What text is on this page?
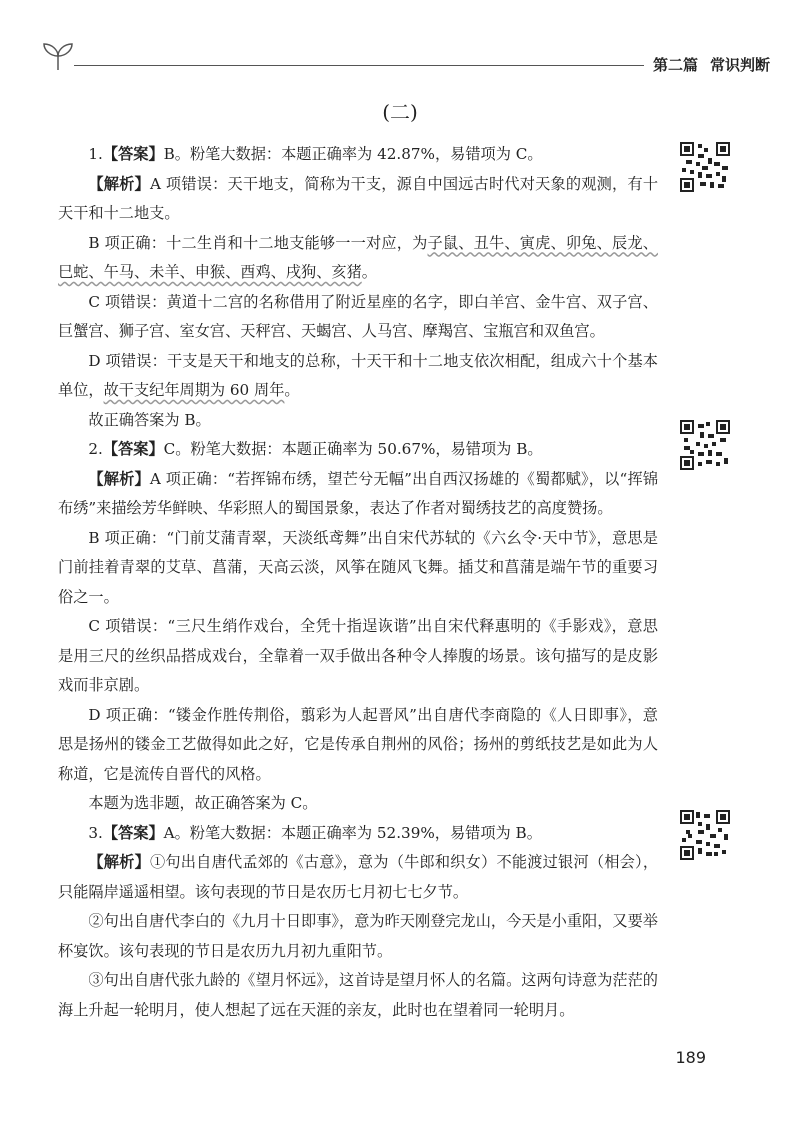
第二篇 常识判断
(二)

1.【答案】B。粉笔大数据：本题正确率为 42.87%，易错项为 C。

【解析】A 项错误：天干地支，简称为干支，源自中国远古时代对天象的观测，有十天干和十二地支。

B 项正确：十二生肖和十二地支能够一一对应，为子鼠、丑牛、寅虎、卯兔、辰龙、巳蛇、午马、未羊、申猴、酉鸡、戌狗、亥猪。

C 项错误：黄道十二宫的名称借用了附近星座的名字，即白羊宫、金牛宫、双子宫、巨蟹宫、狮子宫、室女宫、天秤宫、天蝎宫、人马宫、摩羯宫、宝瓶宫和双鱼宫。

D 项错误：干支是天干和地支的总称，十天干和十二地支依次相配，组成六十个基本单位，故干支纪年周期为 60 周年。

故正确答案为 B。

2.【答案】C。粉笔大数据：本题正确率为 50.67%，易错项为 B。

【解析】A 项正确：“若挥锦布绣，望芒兮无幅”出自西汉扬雄的《蜀都赋》，以“挥锦布绣”来描绘芳华鲜映、华彩照人的蜀国景象，表达了作者对蜀绣技艺的高度赞扬。

B 项正确：“门前艾蒲青翠，天淡纸鸢舞”出自宋代苏轼的《六幺令·天中节》，意思是门前挂着青翠的艾草、菖蒲，天高云淡，风筝在随风飞舞。插艾和菖蒲是端午节的重要习俗之一。

C 项错误：“三尺生绡作戏台，全凭十指逞诙谐”出自宋代释惠明的《手影戏》，意思是用三尺的丝织品搭成戏台，全靠着一双手做出各种令人捧腹的场景。该句描写的是皮影戏而非京剧。

D 项正确：“镂金作胜传荆俗，翦彩为人起晋风”出自唐代李商隐的《人日即事》，意思是扬州的镂金工艺做得如此之好，它是传承自荆州的风俗；扬州的剪纸技艺是如此为人称道，它是流传自晋代的风格。

本题为选非题，故正确答案为 C。

3.【答案】A。粉笔大数据：本题正确率为 52.39%，易错项为 B。

【解析】①句出自唐代孟郊的《古意》，意为（牛郎和织女）不能渡过银河（相会），只能隔岸遥遥相望。该句表现的节日是农历七月初七七夕节。

②句出自唐代李白的《九月十日即事》，意为昨天刚登完龙山，今天是小重阳，又要举杯宴饮。该句表现的节日是农历九月初九重阳节。

③句出自唐代张九龄的《望月怀远》，这首诗是望月怀人的名篇。这两句诗意为茫茫的海上升起一轮明月，使人想起了远在天涯的亲友，此时也在望着同一轮明月。

189
